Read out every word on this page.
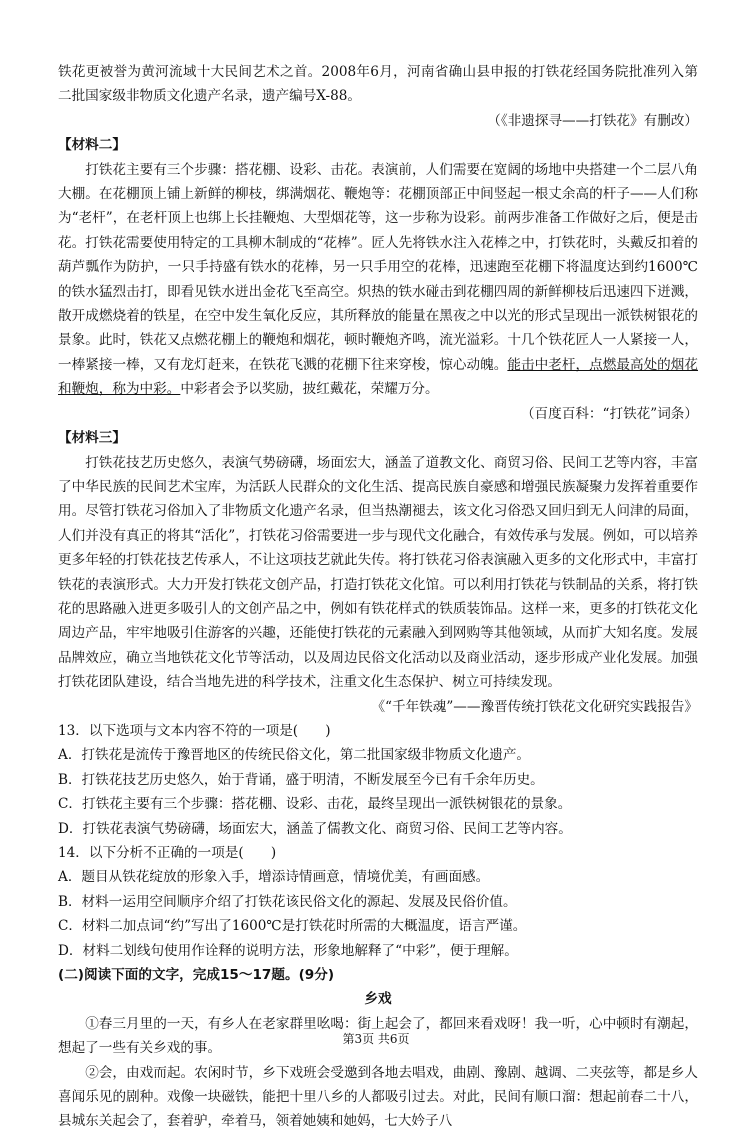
铁花更被誉为黄河流域十大民间艺术之首。2008年6月，河南省确山县申报的打铁花经国务院批准列入第二批国家级非物质文化遗产名录，遗产编号X-88。

（《非遗探寻——打铁花》有删改）

【材料二】

打铁花主要有三个步骤：搭花棚、设彩、击花。表演前，人们需要在宽阔的场地中央搭建一个二层八角大棚。在花棚顶上铺上新鲜的柳枝，绑满烟花、鞭炮等：花棚顶部正中间竖起一根丈余高的杆子——人们称为“老杆”，在老杆顶上也绑上长挂鞭炮、大型烟花等，这一步称为设彩。前两步准备工作做好之后，便是击花。打铁花需要使用特定的工具柳木制成的“花棒”。匠人先将铁水注入花棒之中，打铁花时，头戴反扣着的葫芦瓢作为防护，一只手持盛有铁水的花棒，另一只手用空的花棒，迅速跑至花棚下将温度达到约1600℃的铁水猛烈击打，即看见铁水迸出金花飞至高空。炽热的铁水碰击到花棚四周的新鲜柳枝后迅速四下迸溅，散开成燃烧着的铁星，在空中发生氧化反应，其所释放的能量在黑夜之中以光的形式呈现出一派铁树银花的景象。此时，铁花又点燃花棚上的鞭炮和烟花，顿时鞭炮齐鸣，流光溢彩。十几个铁花匠人一人紧接一人，一棒紧接一棒，又有龙灯赶来，在铁花飞溅的花棚下往来穿梭，惊心动魄。能击中老杆，点燃最高处的烟花和鞭炮，称为中彩。中彩者会予以奖励，披红戴花，荣耀万分。

（百度百科：“打铁花”词条）

【材料三】

打铁花技艺历史悠久，表演气势磅礴，场面宏大，涵盖了道教文化、商贸习俗、民间工艺等内容，丰富了中华民族的民间艺术宝库，为活跃人民群众的文化生活、提高民族自豪感和增强民族凝聚力发挥着重要作用。尽管打铁花习俗加入了非物质文化遗产名录，但当热潮褪去，该文化习俗恐又回归到无人问津的局面，人们并没有真正的将其“活化”，打铁花习俗需要进一步与现代文化融合，有效传承与发展。例如，可以培养更多年轻的打铁花技艺传承人，不让这项技艺就此失传。将打铁花习俗表演融入更多的文化形式中，丰富打铁花的表演形式。大力开发打铁花文创产品，打造打铁花文化馆。可以利用打铁花与铁制品的关系，将打铁花的思路融入进更多吸引人的文创产品之中，例如有铁花样式的铁质装饰品。这样一来，更多的打铁花文化周边产品，牢牢地吸引住游客的兴趣，还能使打铁花的元素融入到网购等其他领域，从而扩大知名度。发展品牌效应，确立当地铁花文化节等活动，以及周边民俗文化活动以及商业活动，逐步形成产业化发展。加强打铁花团队建设，结合当地先进的科学技术，注重文化生态保护、树立可持续发现。

《“千年铁魂”——豫晋传统打铁花文化研究实践报告》

13．以下选项与文本内容不符的一项是(　　)

A．打铁花是流传于豫晋地区的传统民俗文化，第二批国家级非物质文化遗产。

B．打铁花技艺历史悠久，始于背诵，盛于明清，不断发展至今已有千余年历史。

C．打铁花主要有三个步骤：搭花棚、设彩、击花，最终呈现出一派铁树银花的景象。

D．打铁花表演气势磅礴，场面宏大，涵盖了儒教文化、商贸习俗、民间工艺等内容。

14．以下分析不正确的一项是(　　)

A．题目从铁花绽放的形象入手，增添诗情画意，情境优美，有画面感。

B．材料一运用空间顺序介绍了打铁花该民俗文化的源起、发展及民俗价值。

C．材料二加点词“约”写出了1600℃是打铁花时所需的大概温度，语言严谨。

D．材料二划线句使用作诠释的说明方法，形象地解释了“中彩”，便于理解。

(二)阅读下面的文字，完成15～17题。(9分)

乡戏

①春三月里的一天，有乡人在老家群里吆喝：街上起会了，都回来看戏呀！我一听，心中顿时有潮起，想起了一些有关乡戏的事。

②会，由戏而起。农闲时节，乡下戏班会受邀到各地去唱戏，曲剧、豫剧、越调、二夹弦等，都是乡人喜闻乐见的剧种。戏像一块磁铁，能把十里八乡的人都吸引过去。对此，民间有顺口溜：想起前春二十八，县城东关起会了，套着驴，牵着马，领着她姨和她妈，七大妗子八

第3页 共6页
